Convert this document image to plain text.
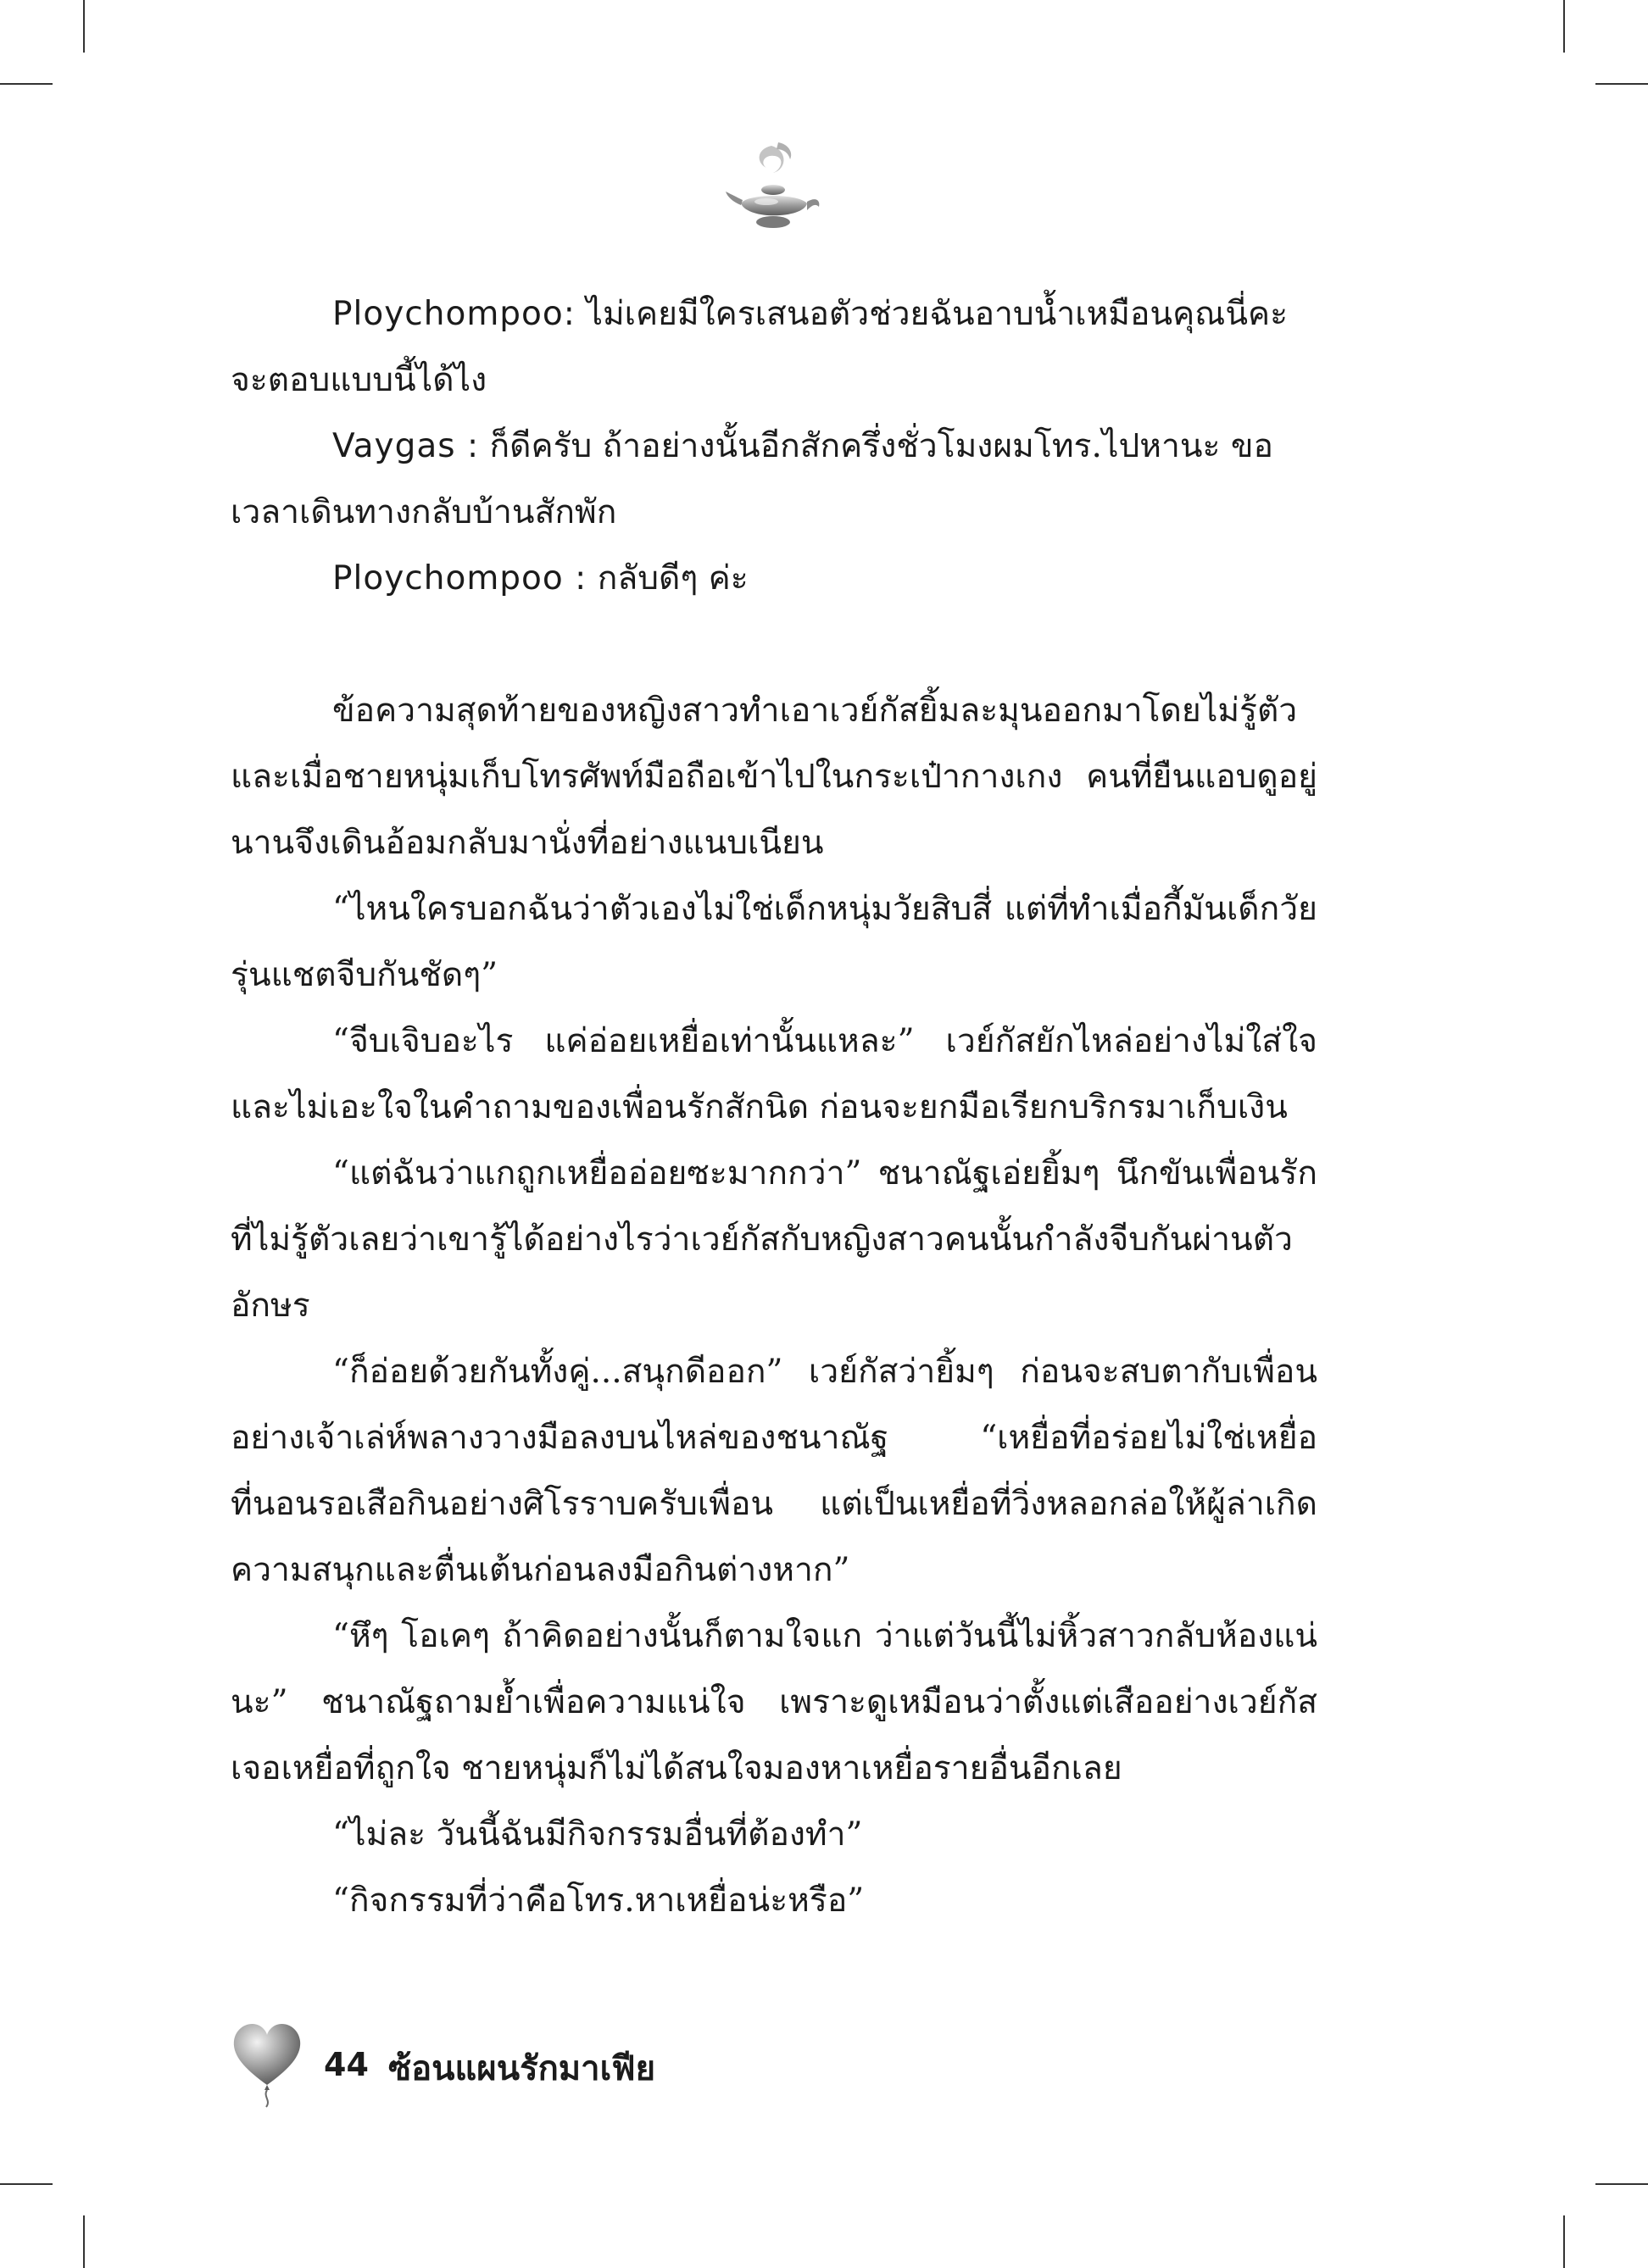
Ploychompoo: ไม่เคยมีใครเสนอตัวช่วยฉันอาบน้ำเหมือนคุณนี่คะ จะตอบแบบนี้ได้ไง

Vaygas : ก็ดีครับ ถ้าอย่างนั้นอีกสักครึ่งชั่วโมงผมโทร.ไปหานะ ขอเวลาเดินทางกลับบ้านสักพัก

Ploychompoo : กลับดีๆ ค่ะ

ข้อความสุดท้ายของหญิงสาวทำเอาเวย์กัสยิ้มละมุนออกมาโดยไม่รู้ตัว และเมื่อชายหนุ่มเก็บโทรศัพท์มือถือเข้าไปในกระเป๋ากางเกง คนที่ยืนแอบดูอยู่นานจึงเดินอ้อมกลับมานั่งที่อย่างแนบเนียน

“ไหนใครบอกฉันว่าตัวเองไม่ใช่เด็กหนุ่มวัยสิบสี่ แต่ที่ทำเมื่อกี้มันเด็กวัยรุ่นแชตจีบกันชัดๆ”

“จีบเจิบอะไร แค่อ่อยเหยื่อเท่านั้นแหละ” เวย์กัสยักไหล่อย่างไม่ใส่ใจและไม่เอะใจในคำถามของเพื่อนรักสักนิด ก่อนจะยกมือเรียกบริกรมาเก็บเงิน

“แต่ฉันว่าแกถูกเหยื่ออ่อยซะมากกว่า” ชนาณัฐเอ่ยยิ้มๆ นึกขันเพื่อนรักที่ไม่รู้ตัวเลยว่าเขารู้ได้อย่างไรว่าเวย์กัสกับหญิงสาวคนนั้นกำลังจีบกันผ่านตัวอักษร

“ก็อ่อยด้วยกันทั้งคู่...สนุกดีออก” เวย์กัสว่ายิ้มๆ ก่อนจะสบตากับเพื่อนอย่างเจ้าเล่ห์พลางวางมือลงบนไหล่ของชนาณัฐ “เหยื่อที่อร่อยไม่ใช่เหยื่อที่นอนรอเสือกินอย่างศิโรราบครับเพื่อน แต่เป็นเหยื่อที่วิ่งหลอกล่อให้ผู้ล่าเกิดความสนุกและตื่นเต้นก่อนลงมือกินต่างหาก”

“หึๆ โอเคๆ ถ้าคิดอย่างนั้นก็ตามใจแก ว่าแต่วันนี้ไม่หิ้วสาวกลับห้องแน่นะ” ชนาณัฐถามย้ำเพื่อความแน่ใจ เพราะดูเหมือนว่าตั้งแต่เสืออย่างเวย์กัสเจอเหยื่อที่ถูกใจ ชายหนุ่มก็ไม่ได้สนใจมองหาเหยื่อรายอื่นอีกเลย

“ไม่ละ วันนี้ฉันมีกิจกรรมอื่นที่ต้องทำ”

“กิจกรรมที่ว่าคือโทร.หาเหยื่อน่ะหรือ”

44 ซ้อนแผนรักมาเฟีย
